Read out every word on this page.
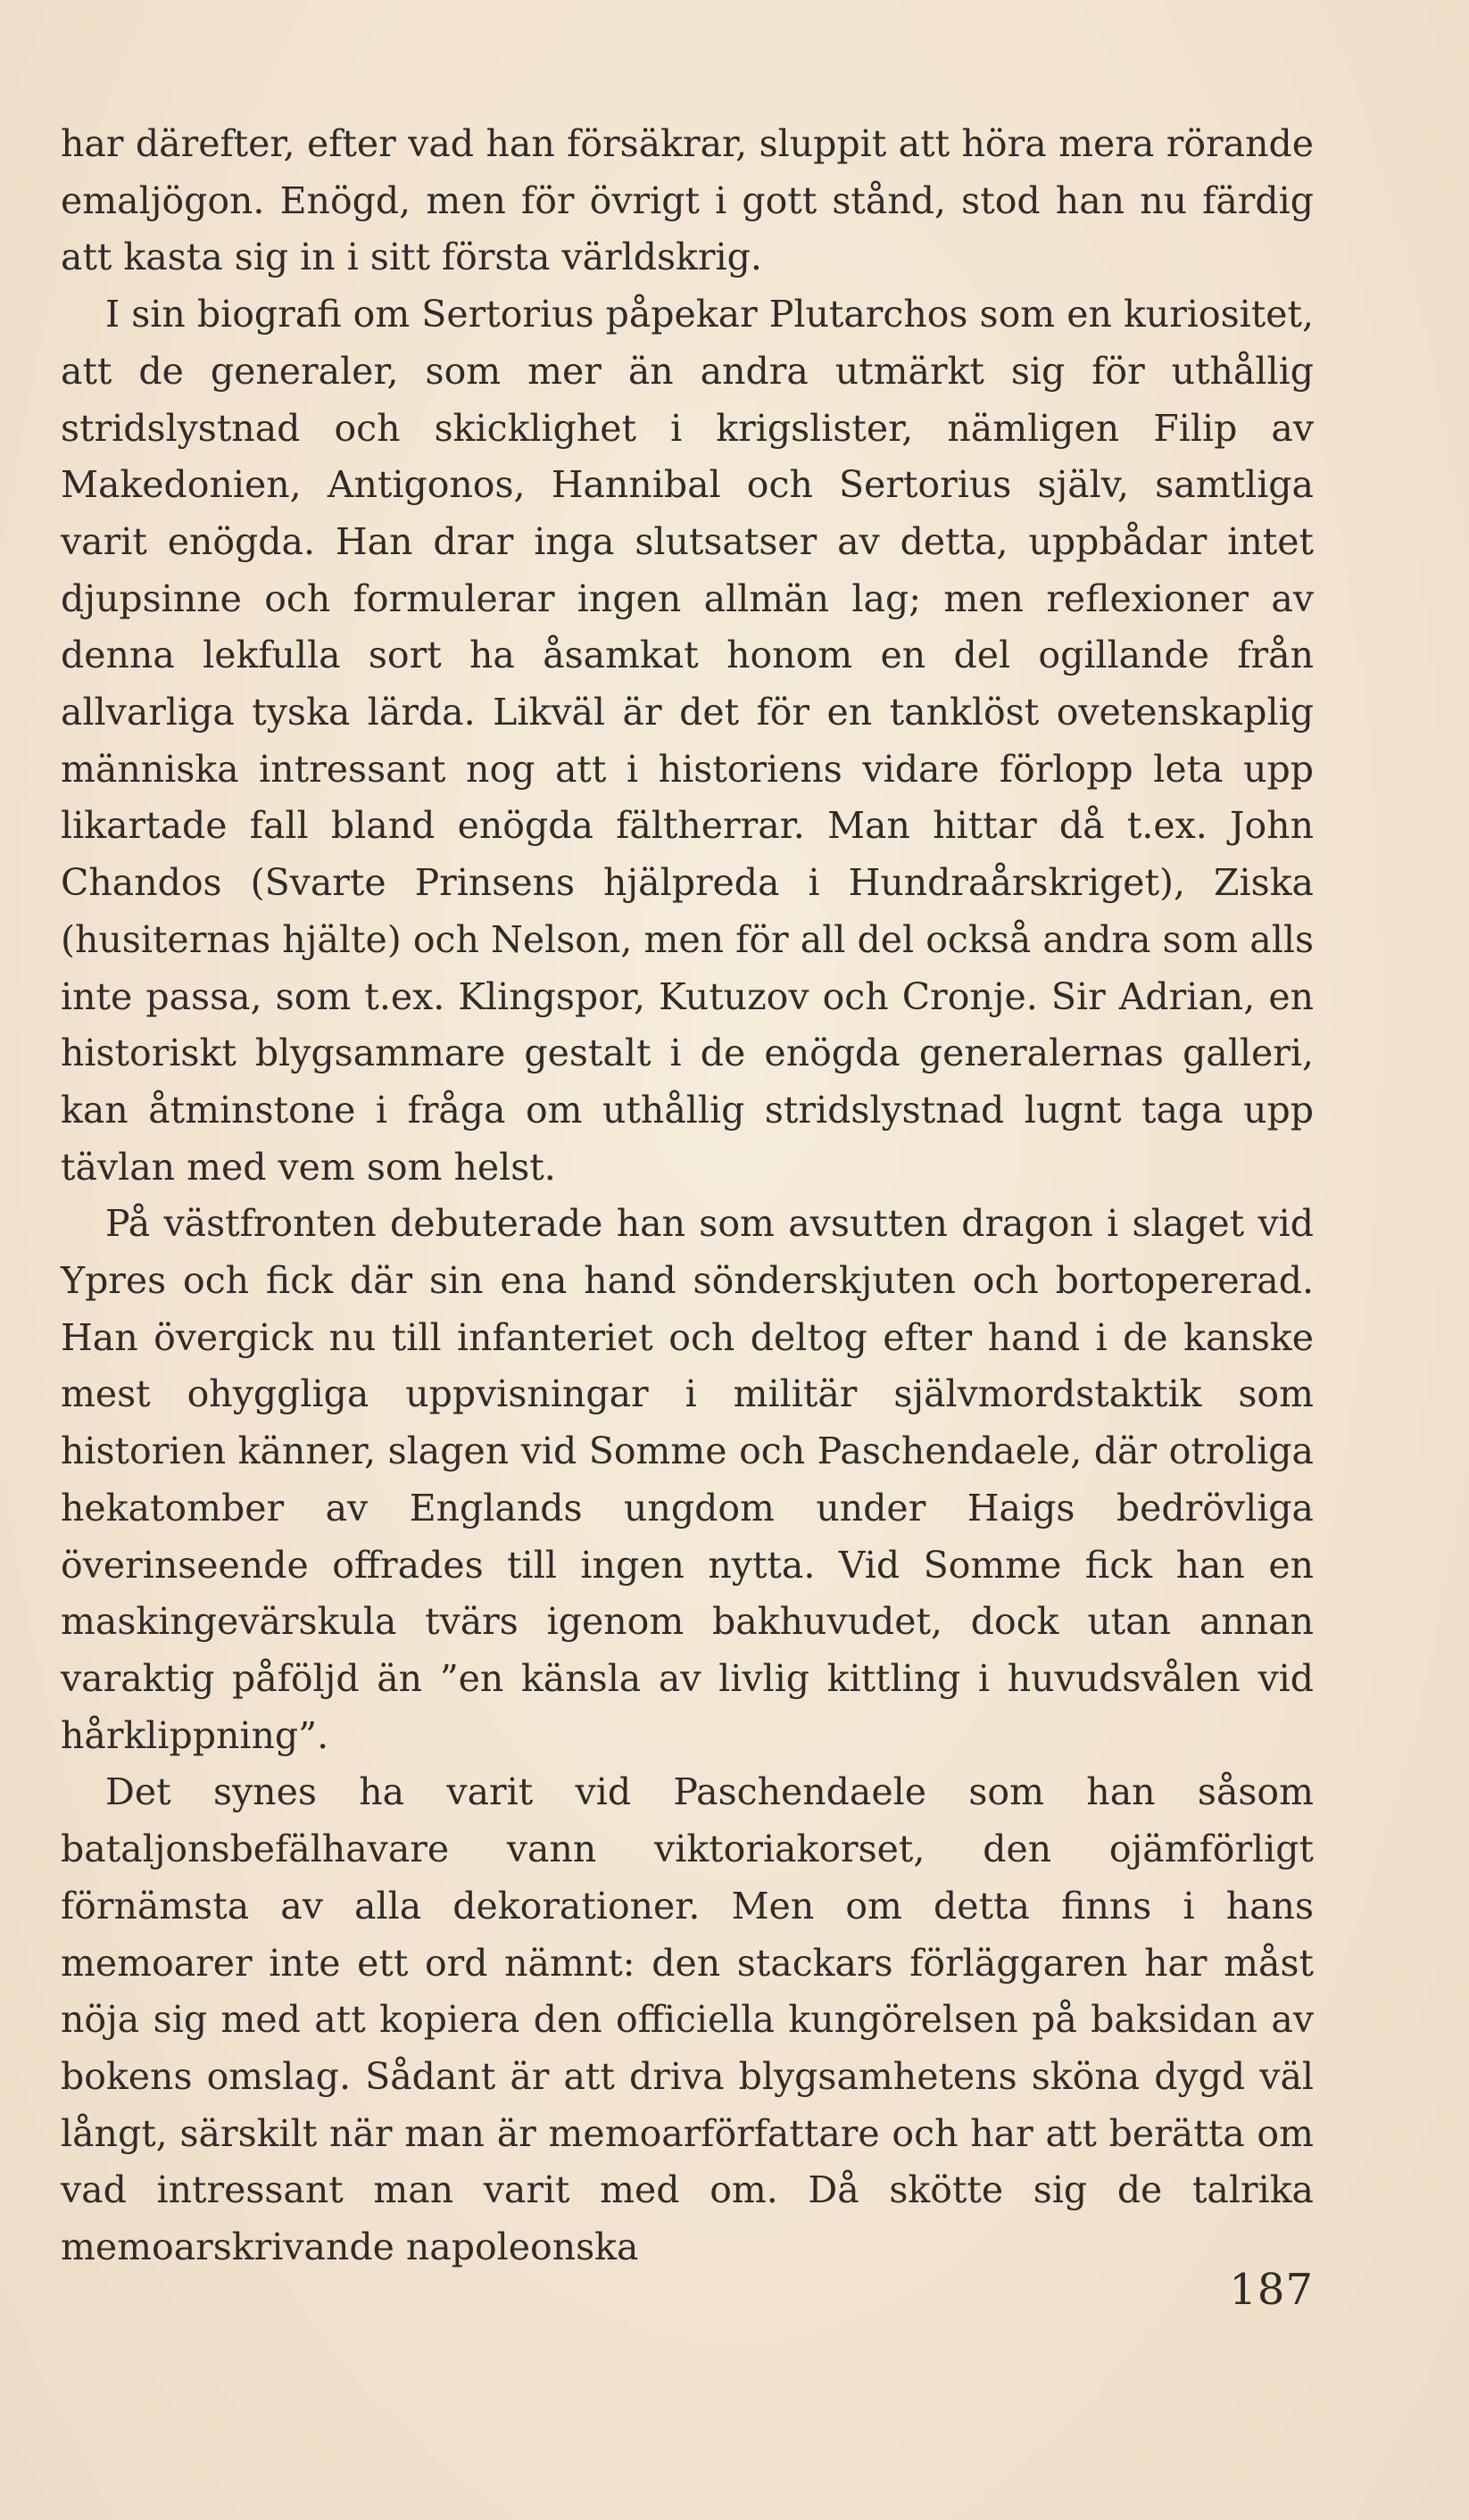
har därefter, efter vad han försäkrar, sluppit att höra mera rörande emaljögon. Enögd, men för övrigt i gott stånd, stod han nu färdig att kasta sig in i sitt första världskrig.

I sin biografi om Sertorius påpekar Plutarchos som en kuriositet, att de generaler, som mer än andra utmärkt sig för uthållig stridslystnad och skicklighet i krigslister, nämligen Filip av Makedonien, Antigonos, Hannibal och Sertorius själv, samtliga varit enögda. Han drar inga slutsatser av detta, uppbådar intet djupsinne och formulerar ingen allmän lag; men reflexioner av denna lekfulla sort ha åsamkat honom en del ogillande från allvarliga tyska lärda. Likväl är det för en tanklöst ovetenskaplig människa intressant nog att i historiens vidare förlopp leta upp likartade fall bland enögda fältherrar. Man hittar då t.ex. John Chandos (Svarte Prinsens hjälpreda i Hundraårskriget), Ziska (husiternas hjälte) och Nelson, men för all del också andra som alls inte passa, som t.ex. Klingspor, Kutuzov och Cronje. Sir Adrian, en historiskt blygsammare gestalt i de enögda generalernas galleri, kan åtminstone i fråga om uthållig stridslystnad lugnt taga upp tävlan med vem som helst.

På västfronten debuterade han som avsutten dragon i slaget vid Ypres och fick där sin ena hand sönderskjuten och bortopererad. Han övergick nu till infanteriet och deltog efter hand i de kanske mest ohyggliga uppvisningar i militär självmordstaktik som historien känner, slagen vid Somme och Paschendaele, där otroliga hekatomber av Englands ungdom under Haigs bedrövliga överinseende offrades till ingen nytta. Vid Somme fick han en maskingevärskula tvärs igenom bakhuvudet, dock utan annan varaktig påföljd än ”en känsla av livlig kittling i huvudsvålen vid hårklippning”.

Det synes ha varit vid Paschendaele som han såsom bataljonsbefälhavare vann viktoriakorset, den ojämförligt förnämsta av alla dekorationer. Men om detta finns i hans memoarer inte ett ord nämnt: den stackars förläggaren har måst nöja sig med att kopiera den officiella kungörelsen på baksidan av bokens omslag. Sådant är att driva blygsamhetens sköna dygd väl långt, särskilt när man är memoarförfattare och har att berätta om vad intressant man varit med om. Då skötte sig de talrika memoarskrivande napoleonska

187
